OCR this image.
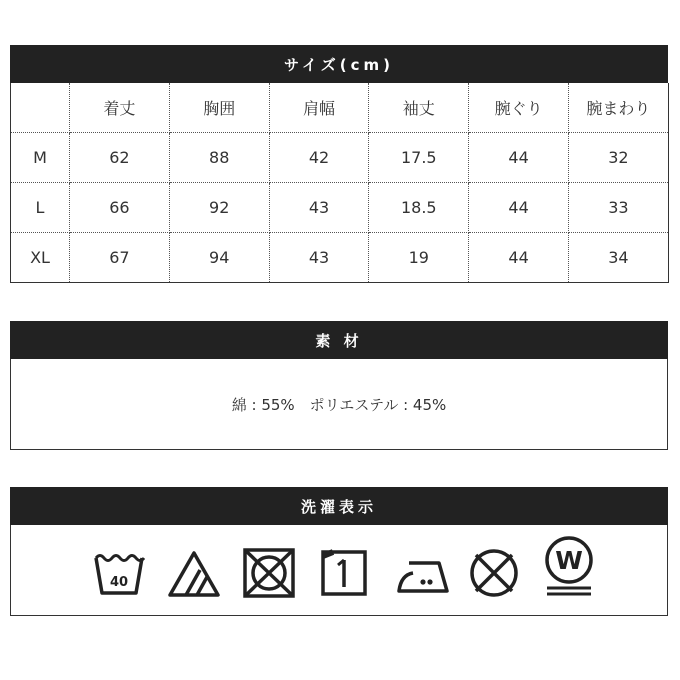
サイズ(cm)
	着丈	胸囲	肩幅	袖丈	腕ぐり	腕まわり
M	62	88	42	17.5	44	32
L	66	92	43	18.5	44	33
XL	67	94	43	19	44	34
素 材
綿 : 55%　ポリエステル : 45%
洗濯表示
40
W
